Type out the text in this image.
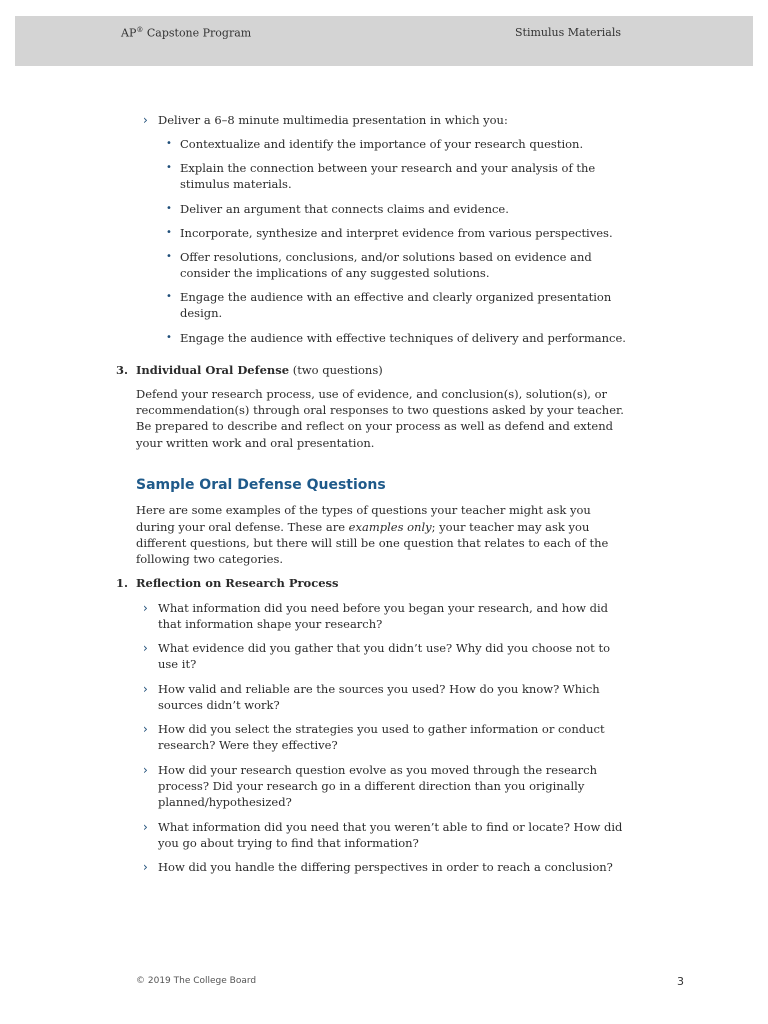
AP® Capstone Program	Stimulus Materials
› Deliver a 6–8 minute multimedia presentation in which you:

• Contextualize and identify the importance of your research question.

• Explain the connection between your research and your analysis of the

stimulus materials.

• Deliver an argument that connects claims and evidence.

• Incorporate, synthesize and interpret evidence from various perspectives.

• Offer resolutions, conclusions, and/or solutions based on evidence and

consider the implications of any suggested solutions.

• Engage the audience with an effective and clearly organized presentation

design.

• Engage the audience with effective techniques of delivery and performance.

3. Individual Oral Defense (two questions)

Defend your research process, use of evidence, and conclusion(s), solution(s), or

recommendation(s) through oral responses to two questions asked by your teacher.

Be prepared to describe and reflect on your process as well as defend and extend

your written work and oral presentation.

Sample Oral Defense Questions

Here are some examples of the types of questions your teacher might ask you

during your oral defense. These are examples only; your teacher may ask you

different questions, but there will still be one question that relates to each of the

following two categories.

1. Reflection on Research Process

› What information did you need before you began your research, and how did

that information shape your research?

› What evidence did you gather that you didn’t use? Why did you choose not to

use it?

› How valid and reliable are the sources you used? How do you know? Which

sources didn’t work?

› How did you select the strategies you used to gather information or conduct

research? Were they effective?

› How did your research question evolve as you moved through the research

process? Did your research go in a different direction than you originally

planned/hypothesized?

› What information did you need that you weren’t able to find or locate? How did

you go about trying to find that information?

› How did you handle the differing perspectives in order to reach a conclusion?

© 2019 The College Board	3
